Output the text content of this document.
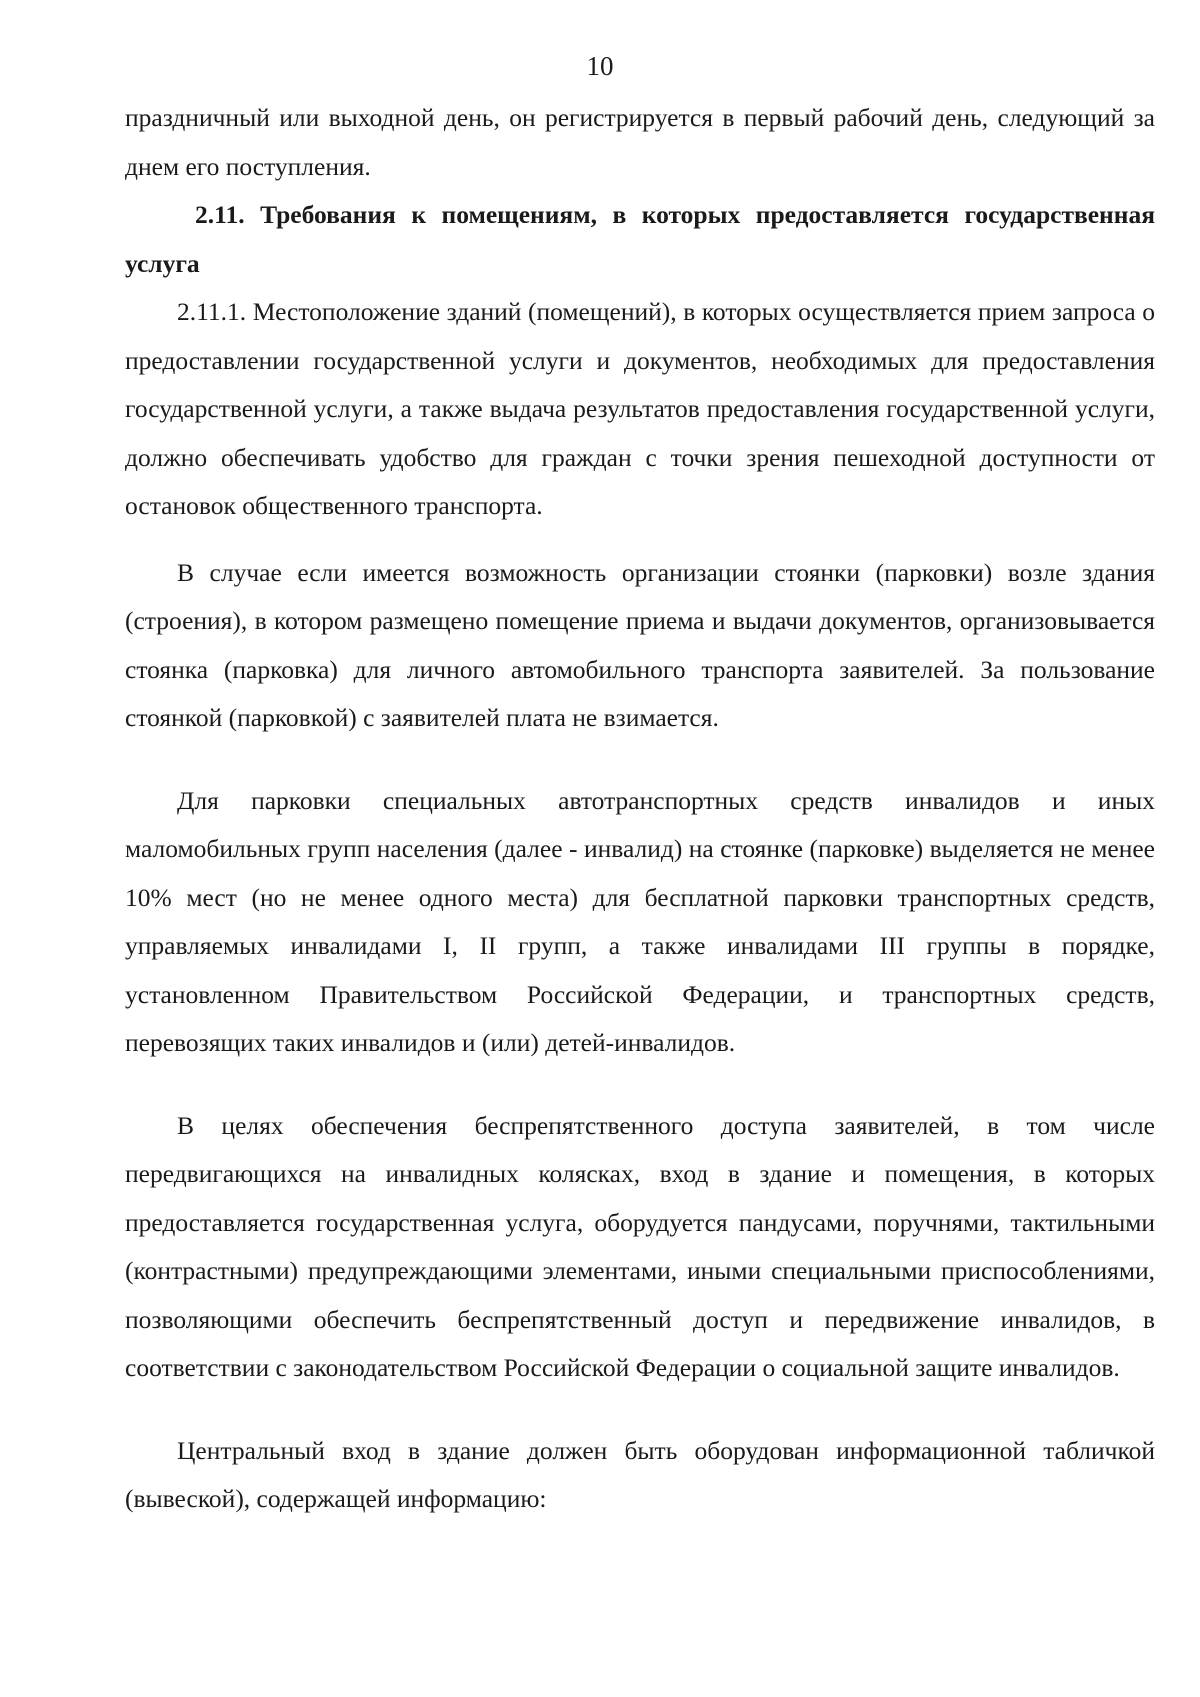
10

праздничный или выходной день, он регистрируется в первый рабочий день, следующий за днем его поступления.

2.11. Требования к помещениям, в которых предоставляется государственная услуга

2.11.1. Местоположение зданий (помещений), в которых осуществляется прием запроса о предоставлении государственной услуги и документов, необходимых для предоставления государственной услуги, а также выдача результатов предоставления государственной услуги, должно обеспечивать удобство для граждан с точки зрения пешеходной доступности от остановок общественного транспорта.

В случае если имеется возможность организации стоянки (парковки) возле здания (строения), в котором размещено помещение приема и выдачи документов, организовывается стоянка (парковка) для личного автомобильного транспорта заявителей. За пользование стоянкой (парковкой) с заявителей плата не взимается.

Для парковки специальных автотранспортных средств инвалидов и иных маломобильных групп населения (далее - инвалид) на стоянке (парковке) выделяется не менее 10% мест (но не менее одного места) для бесплатной парковки транспортных средств, управляемых инвалидами I, II групп, а также инвалидами III группы в порядке, установленном Правительством Российской Федерации, и транспортных средств, перевозящих таких инвалидов и (или) детей-инвалидов.

В целях обеспечения беспрепятственного доступа заявителей, в том числе передвигающихся на инвалидных колясках, вход в здание и помещения, в которых предоставляется государственная услуга, оборудуется пандусами, поручнями, тактильными (контрастными) предупреждающими элементами, иными специальными приспособлениями, позволяющими обеспечить беспрепятственный доступ и передвижение инвалидов, в соответствии с законодательством Российской Федерации о социальной защите инвалидов.

Центральный вход в здание должен быть оборудован информационной табличкой (вывеской), содержащей информацию:
